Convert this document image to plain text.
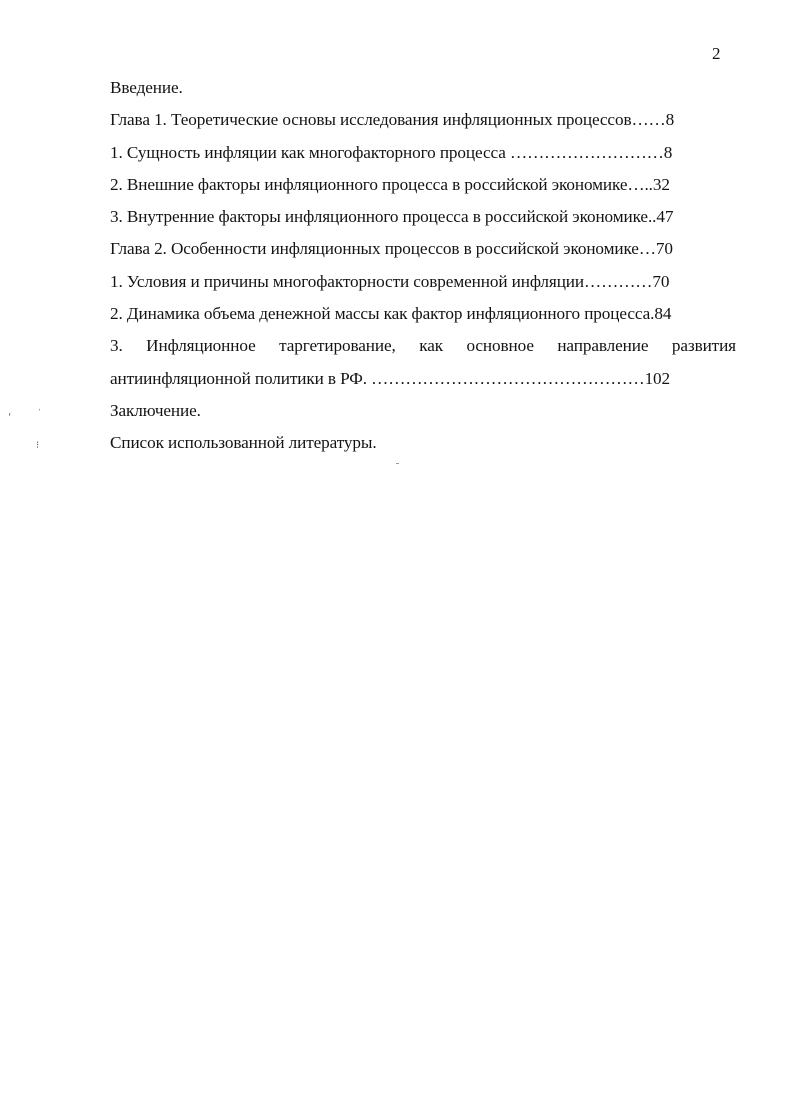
2
Введение.
Глава 1. Теоретические основы исследования инфляционных процессов……8
1. Сущность инфляции как многофакторного процесса ………………………8
2. Внешние факторы инфляционного процесса в российской экономике…..32
3. Внутренние факторы инфляционного процесса в российской экономике..47
Глава 2. Особенности инфляционных процессов в российской экономике…70
1. Условия и причины многофакторности современной инфляции…………70
2. Динамика объема денежной массы как фактор инфляционного процесса.84
3. Инфляционное таргетирование, как основное направление развития
антиинфляционной политики в РФ. …………………………………………102
Заключение.
Список использованной литературы.
ʻ	ˈ
⁝
